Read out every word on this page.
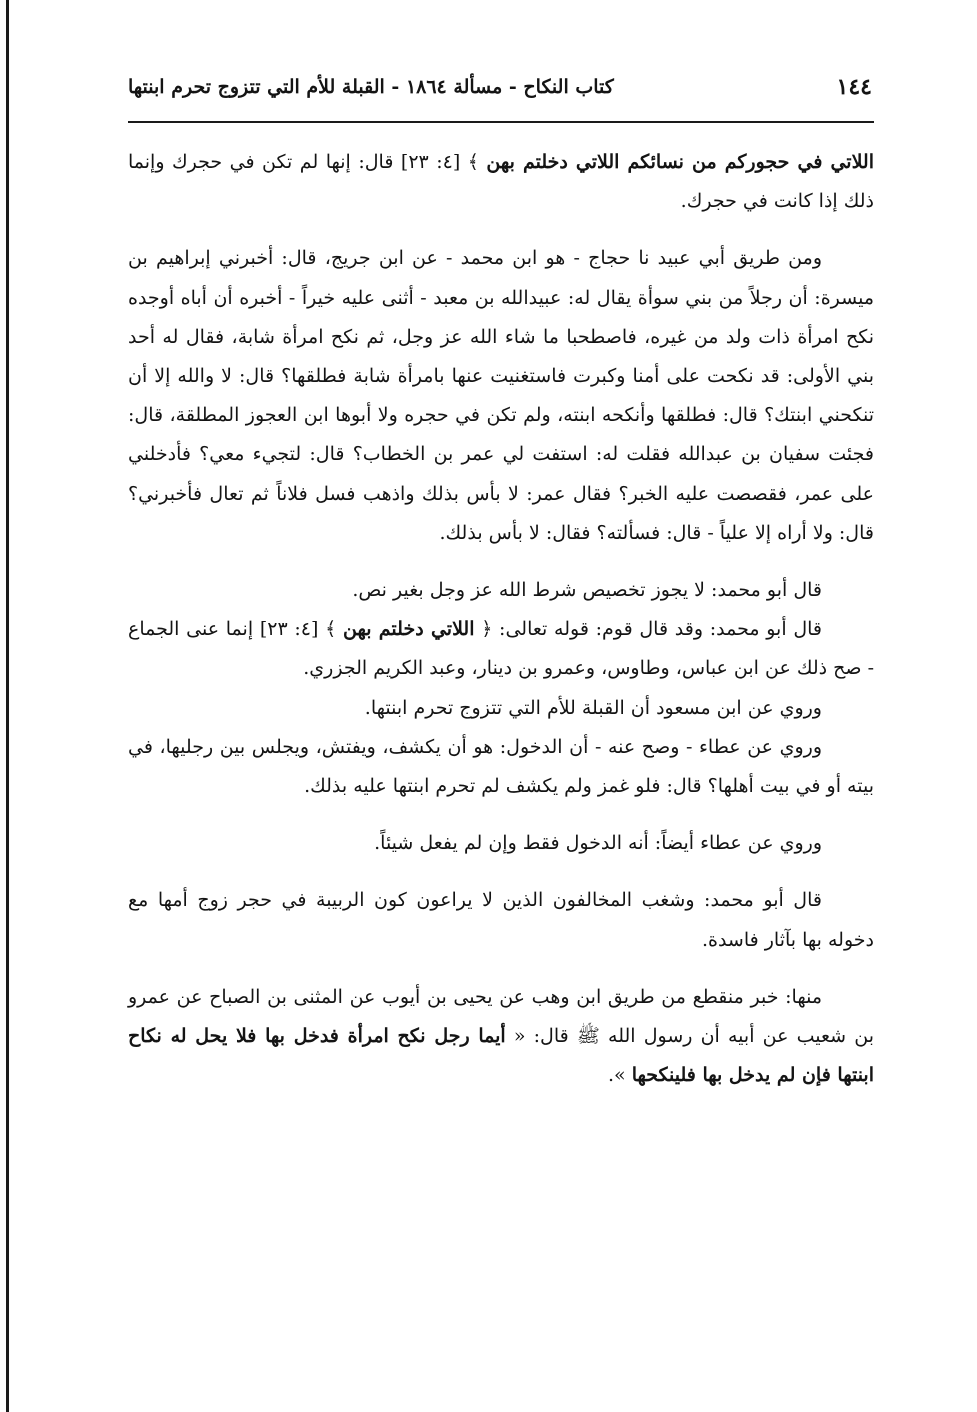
١٤٤
كتاب النكاح - مسألة ١٨٦٤ - القبلة للأم التي تتزوج تحرم ابنتها

اللاتي في حجوركم من نسائكم اللاتي دخلتم بهن ﴾ [٤: ٢٣] قال: إنها لم تكن في حجرك وإنما ذلك إذا كانت في حجرك.

ومن طريق أبي عبيد نا حجاج - هو ابن محمد - عن ابن جريج، قال: أخبرني إبراهيم بن ميسرة: أن رجلاً من بني سوأة يقال له: عبيدالله بن معبد - أثنى عليه خيراً - أخبره أن أباه أوجده نكح امرأة ذات ولد من غيره، فاصطحبا ما شاء الله عز وجل، ثم نكح امرأة شابة، فقال له أحد بني الأولى: قد نكحت على أمنا وكبرت فاستغنيت عنها بامرأة شابة فطلقها؟ قال: لا والله إلا أن تنكحني ابنتك؟ قال: فطلقها وأنكحه ابنته، ولم تكن في حجره ولا أبوها ابن العجوز المطلقة، قال: فجئت سفيان بن عبدالله فقلت له: استفت لي عمر بن الخطاب؟ قال: لتجيء معي؟ فأدخلني على عمر، فقصصت عليه الخبر؟ فقال عمر: لا بأس بذلك واذهب فسل فلاناً ثم تعال فأخبرني؟ قال: ولا أراه إلا علياً - قال: فسألته؟ فقال: لا بأس بذلك.

قال أبو محمد: لا يجوز تخصيص شرط الله عز وجل بغير نص.

قال أبو محمد: وقد قال قوم: قوله تعالى: ﴿ اللاتي دخلتم بهن ﴾ [٤: ٢٣] إنما عنى الجماع - صح ذلك عن ابن عباس، وطاوس، وعمرو بن دينار، وعبد الكريم الجزري.

وروي عن ابن مسعود أن القبلة للأم التي تتزوج تحرم ابنتها.

وروي عن عطاء - وصح عنه - أن الدخول: هو أن يكشف، ويفتش، ويجلس بين رجليها، في بيته أو في بيت أهلها؟ قال: فلو غمز ولم يكشف لم تحرم ابنتها عليه بذلك.

وروي عن عطاء أيضاً: أنه الدخول فقط وإن لم يفعل شيئاً.

قال أبو محمد: وشغب المخالفون الذين لا يراعون كون الربيبة في حجر زوج أمها مع دخوله بها بآثار فاسدة.

منها: خبر منقطع من طريق ابن وهب عن يحيى بن أيوب عن المثنى بن الصباح عن عمرو بن شعيب عن أبيه أن رسول الله ﷺ قال: « أيما رجل نكح امرأة فدخل بها فلا يحل له نكاح ابنتها فإن لم يدخل بها فلينكحها ».
